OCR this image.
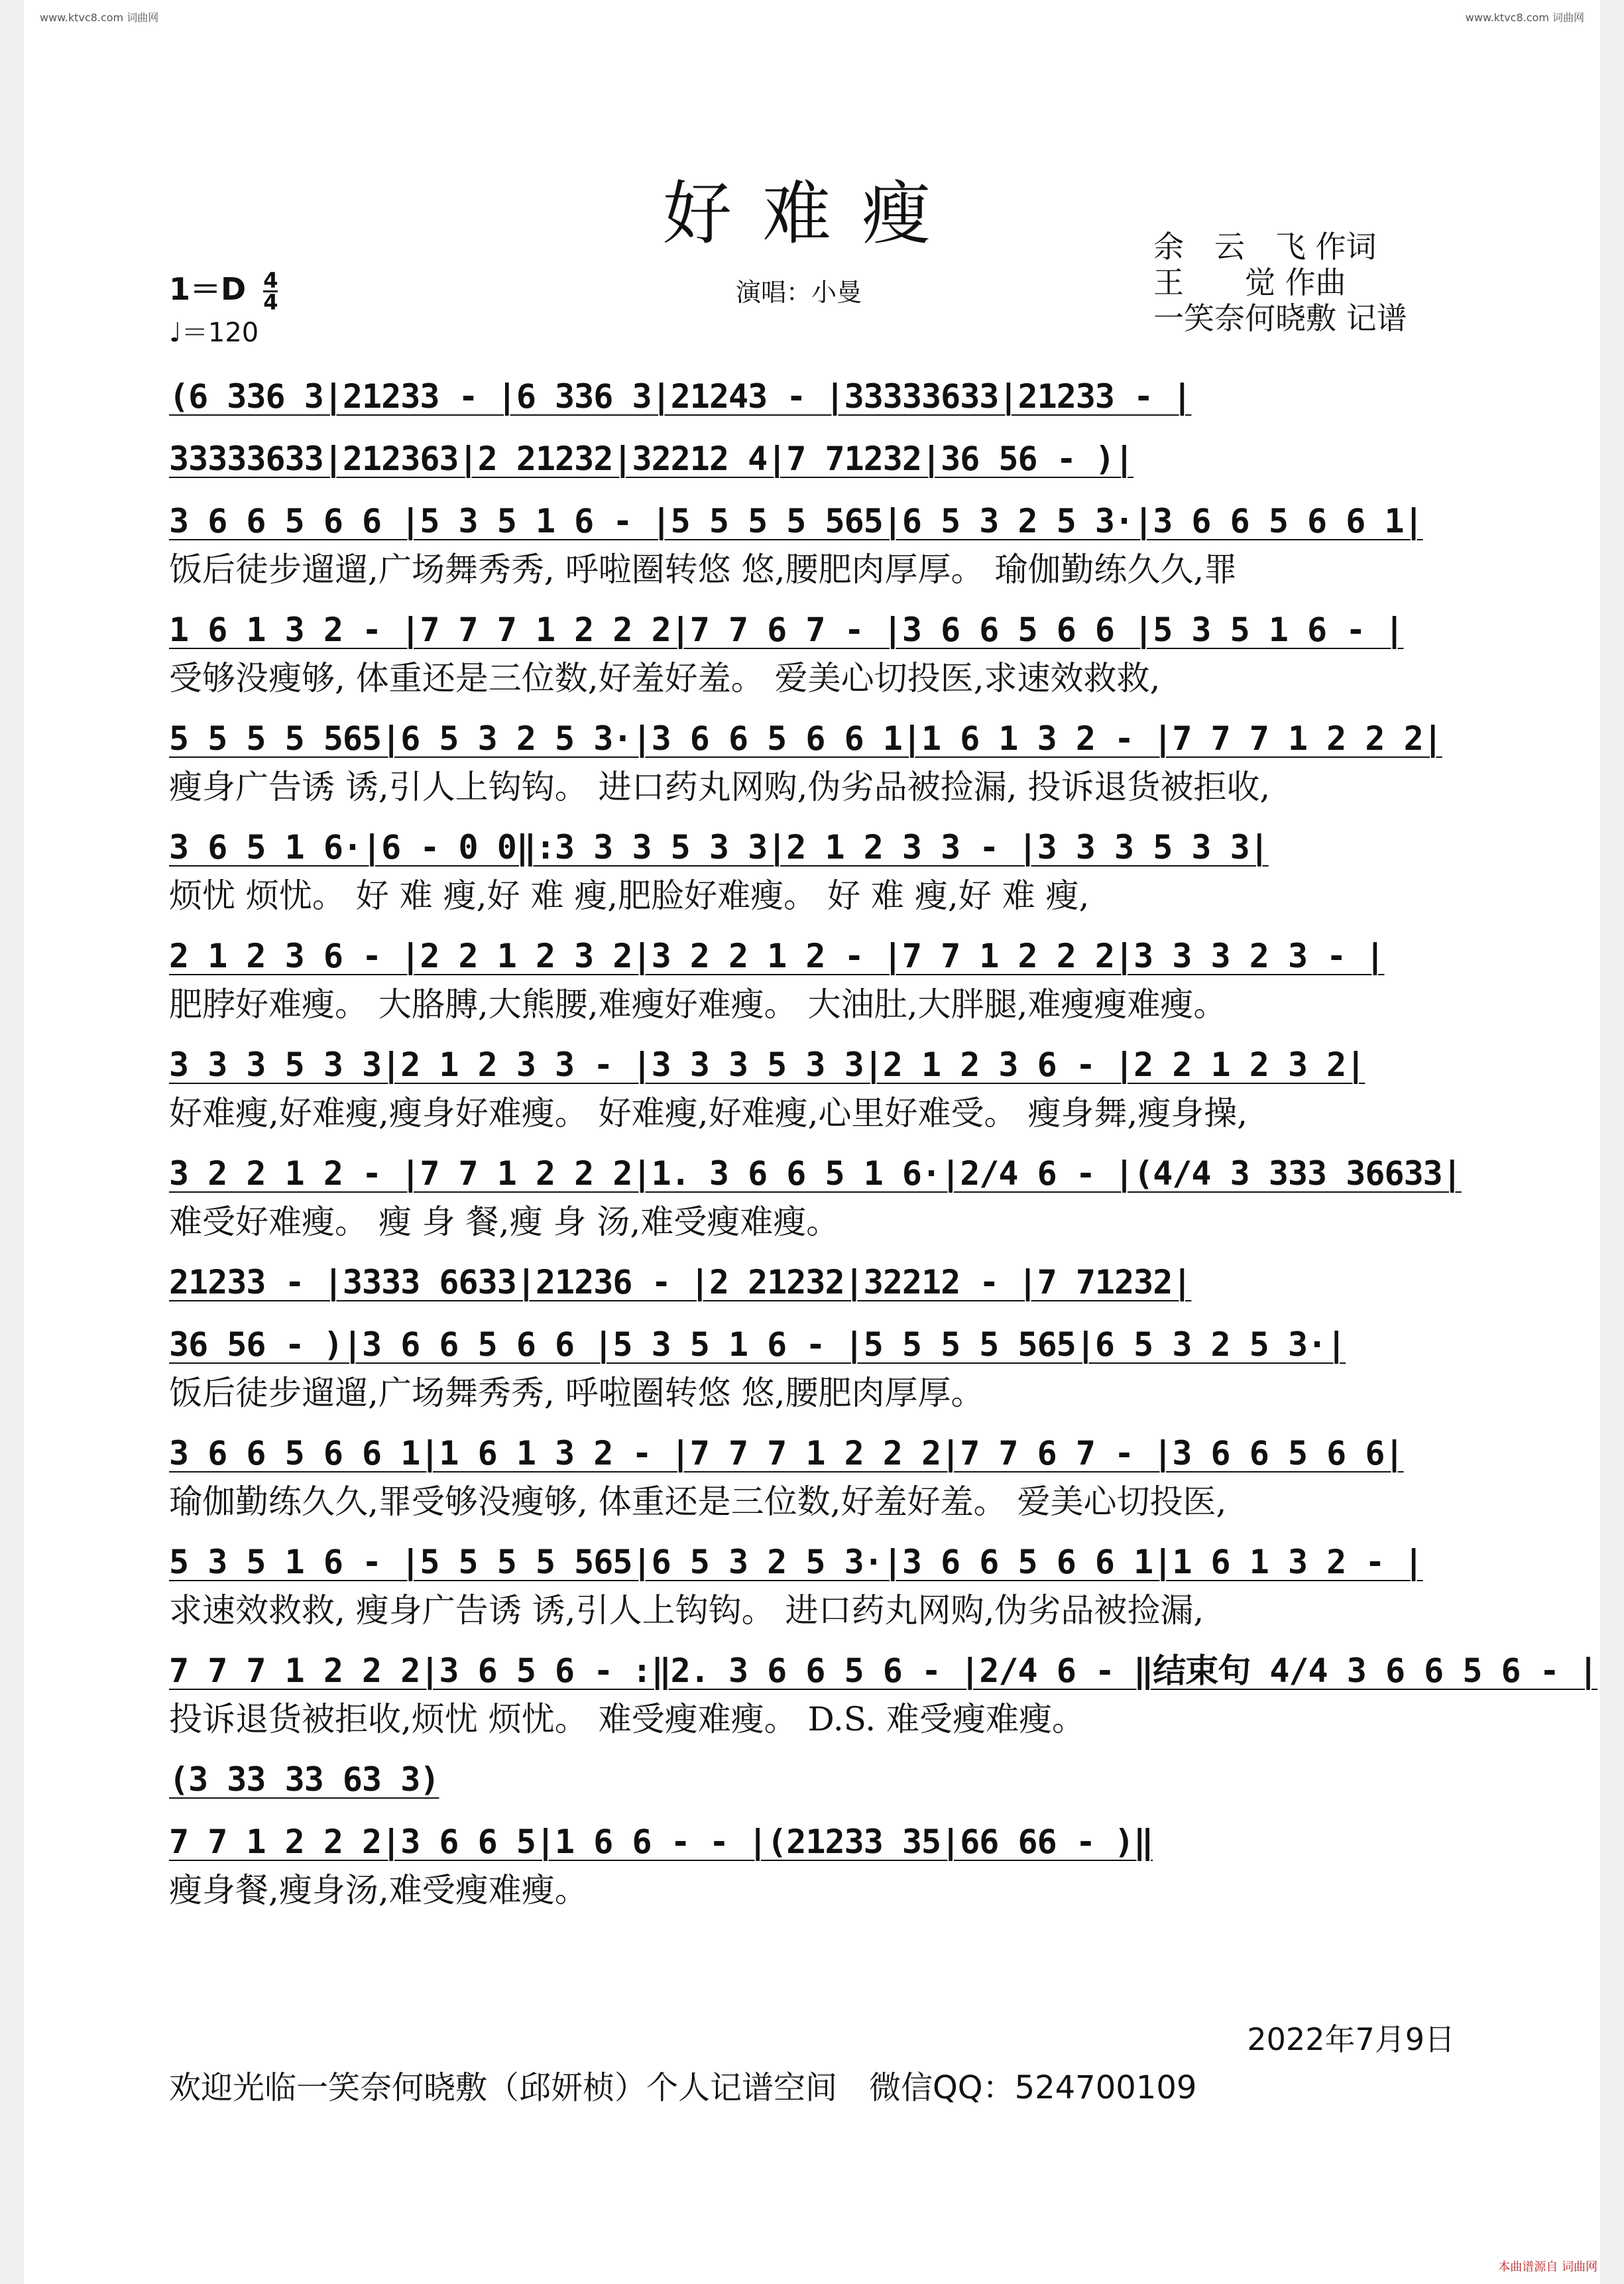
www.ktvc8.com 词曲网	www.ktvc8.com 词曲网
好难瘦	余　云　飞 作词
王　　觉 作曲
一笑奈何晓敷 记谱
$1=D \frac{4}{4}$
♩＝120
演唱：小曼
(6 336 3|21233 - |6 336 3|21243 - |33333633|21233 - |
33333633|212363|2 21232|32212 4|7 71232|36 56 - )|
3 6 6 5 6 6 |5 3 5 1 6 - |5 5 5 5 565|6 5 3 2 5 3·|3 6 6 5 6 6 1|
饭后徒步遛遛,广场舞秀秀, 呼啦圈转悠 悠,腰肥肉厚厚。 瑜伽勤练久久,罪
1 6 1 3 2 - |7 7 7 1 2 2 2|7 7 6 7 - |3 6 6 5 6 6 |5 3 5 1 6 - |
受够没瘦够, 体重还是三位数,好羞好羞。 爱美心切投医,求速效救救,
5 5 5 5 565|6 5 3 2 5 3·|3 6 6 5 6 6 1|1 6 1 3 2 - |7 7 7 1 2 2 2|
瘦身广告诱 诱,引人上钩钩。 进口药丸网购,伪劣品被捡漏, 投诉退货被拒收,
3 6 5 1 6·|6 - 0 0‖:3 3 3 5 3 3|2 1 2 3 3 - |3 3 3 5 3 3|
烦忧 烦忧。 好 难 瘦,好 难 瘦,肥脸好难瘦。 好 难 瘦,好 难 瘦,
2 1 2 3 6 - |2 2 1 2 3 2|3 2 2 1 2 - |7 7 1 2 2 2|3 3 3 2 3 - |
肥脖好难瘦。 大胳膊,大熊腰,难瘦好难瘦。 大油肚,大胖腿,难瘦瘦难瘦。
3 3 3 5 3 3|2 1 2 3 3 - |3 3 3 5 3 3|2 1 2 3 6 - |2 2 1 2 3 2|
好难瘦,好难瘦,瘦身好难瘦。 好难瘦,好难瘦,心里好难受。 瘦身舞,瘦身操,
3 2 2 1 2 - |7 7 1 2 2 2|1. 3 6 6 5 1 6·|2/4 6 - |(4/4 3 333 36633|
难受好难瘦。 瘦 身 餐,瘦 身 汤,难受瘦难瘦。
21233 - |3333 6633|21236 - |2 21232|32212 - |7 71232|
36 56 - )|3 6 6 5 6 6 |5 3 5 1 6 - |5 5 5 5 565|6 5 3 2 5 3·|
饭后徒步遛遛,广场舞秀秀, 呼啦圈转悠 悠,腰肥肉厚厚。
3 6 6 5 6 6 1|1 6 1 3 2 - |7 7 7 1 2 2 2|7 7 6 7 - |3 6 6 5 6 6|
瑜伽勤练久久,罪受够没瘦够, 体重还是三位数,好羞好羞。 爱美心切投医,
5 3 5 1 6 - |5 5 5 5 565|6 5 3 2 5 3·|3 6 6 5 6 6 1|1 6 1 3 2 - |
求速效救救, 瘦身广告诱 诱,引人上钩钩。 进口药丸网购,伪劣品被捡漏,
7 7 7 1 2 2 2|3 6 5 6 - :‖2. 3 6 6 5 6 - |2/4 6 - ‖结束句 4/4 3 6 6 5 6 - |
投诉退货被拒收,烦忧 烦忧。 难受瘦难瘦。 D.S. 难受瘦难瘦。
(3 33 33 63 3)
7 7 1 2 2 2|3 6 6 5|1 6 6 - - |(21233 35|66 66 - )‖
瘦身餐,瘦身汤,难受瘦难瘦。
2022年7月9日
欢迎光临一笑奈何晓敷（邱妍桢）个人记谱空间　微信QQ：524700109
本曲谱源自 词曲网
